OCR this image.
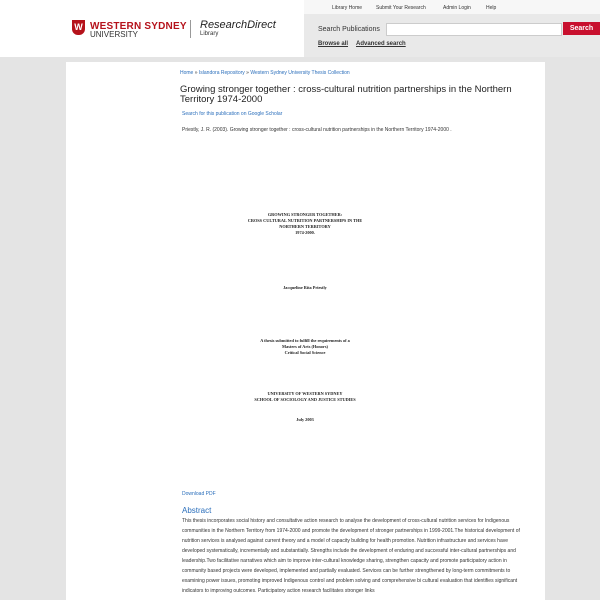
Library Home	Submit Your Research	Admin Login	Help
W WESTERN SYDNEY
UNIVERSITY
ResearchDirect
Library
Search Publications	Search
Browse all Advanced search
Home » Islandora Repository » Western Sydney University Thesis Collection
Growing stronger together : cross-cultural nutrition partnerships in the Northern Territory 1974-2000
Search for this publication on Google Scholar
Priestly, J. R. (2003). Growing stronger together : cross-cultural nutrition partnerships in the Northern Territory 1974-2000 .
GROWING STRONGER TOGETHER:
CROSS CULTURAL NUTRITION PARTNERSHIPS IN THE
NORTHERN TERRITORY
1974-2000.
Jacqueline Rita Priestly
A thesis submitted to fulfill the requirements of a
Masters of Arts (Honors)
Critical Social Science
UNIVERSITY OF WESTERN SYDNEY
SCHOOL OF SOCIOLOGY AND JUSTICE STUDIES
July 2003
Download PDF
Abstract
This thesis incorporates social history and consultative action research to analyse the development of cross-cultural nutrition services for Indigenous communities in the Northern Territory from 1974-2000 and promote the development of stronger partnerships in 1999-2001.The historical development of nutrition services is analysed against current theory and a model of capacity building for health promotion. Nutrition infrastructure and services have developed systematically, incrementally and substantially. Strengths include the development of enduring and successful inter-cultural partnerships and leadership.Two facilitative narratives which aim to improve inter-cultural knowledge sharing, strengthen capacity and promote participatory action in community based projects were developed, implemented and partially evaluated. Services can be further strengthened by long-term commitments to examining power issues, promoting improved Indigenous control and problem solving and comprehensive bi cultural evaluation that identifies significant indicators to improving outcomes. Participatory action research facilitates stronger links
